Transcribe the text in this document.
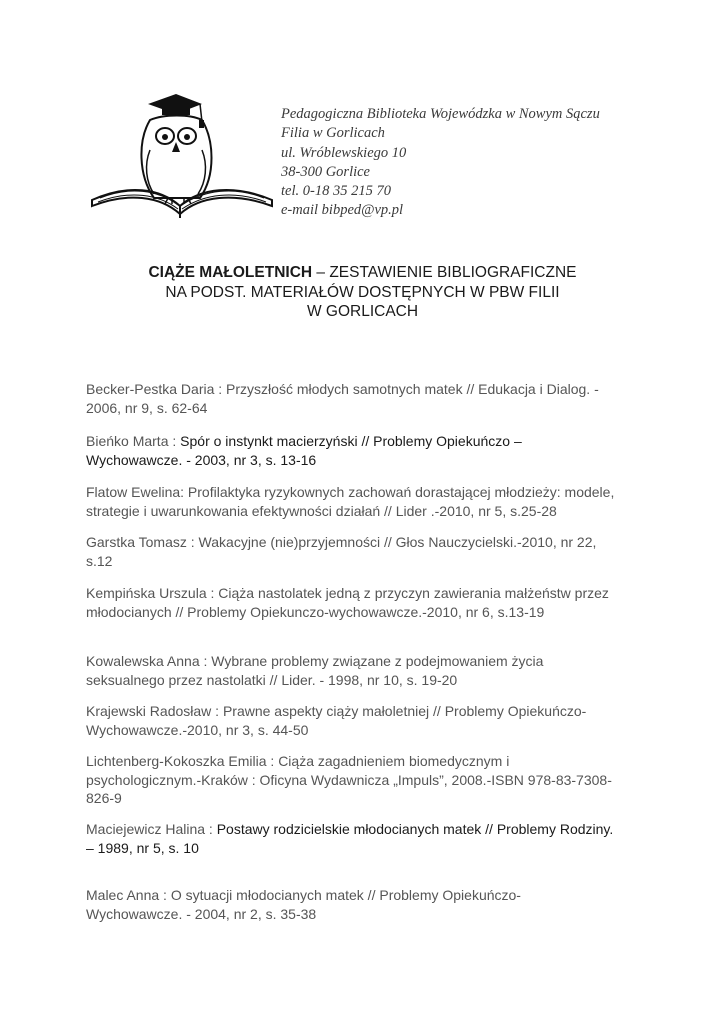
Pedagogiczna Biblioteka Wojewódzka w Nowym Sączu
Filia w Gorlicach
ul. Wróblewskiego 10
38-300 Gorlice
tel. 0-18 35 215 70
e-mail bibped@vp.pl
CIĄŻE MAŁOLETNICH – ZESTAWIENIE BIBLIOGRAFICZNE
NA PODST. MATERIAŁÓW DOSTĘPNYCH W PBW FILII
W GORLICACH
Becker-Pestka Daria : Przyszłość młodych samotnych matek // Edukacja i Dialog. -
2006, nr 9, s. 62-64
Bieńko Marta : Spór o instynkt macierzyński // Problemy Opiekuńczo –
Wychowawcze. - 2003, nr 3, s. 13-16
Flatow Ewelina: Profilaktyka ryzykownych zachowań dorastającej młodzieży: modele,
strategie i uwarunkowania efektywności działań // Lider .-2010, nr 5, s.25-28
Garstka Tomasz : Wakacyjne (nie)przyjemności // Głos Nauczycielski.-2010, nr 22,
s.12
Kempińska Urszula : Ciąża nastolatek jedną z przyczyn zawierania małżeństw przez
młodocianych // Problemy Opiekunczo-wychowawcze.-2010, nr 6, s.13-19
Kowalewska Anna : Wybrane problemy związane z podejmowaniem życia
seksualnego przez nastolatki // Lider. - 1998, nr 10, s. 19-20
Krajewski Radosław : Prawne aspekty ciąży małoletniej // Problemy Opiekuńczo-
Wychowawcze.-2010, nr 3, s. 44-50
Lichtenberg-Kokoszka Emilia : Ciąża zagadnieniem biomedycznym i
psychologicznym.-Kraków : Oficyna Wydawnicza „Impuls”, 2008.-ISBN 978-83-7308-
826-9
Maciejewicz Halina : Postawy rodzicielskie młodocianych matek // Problemy Rodziny.
– 1989, nr 5, s. 10
Malec Anna : O sytuacji młodocianych matek // Problemy Opiekuńczo-
Wychowawcze. - 2004, nr 2, s. 35-38
